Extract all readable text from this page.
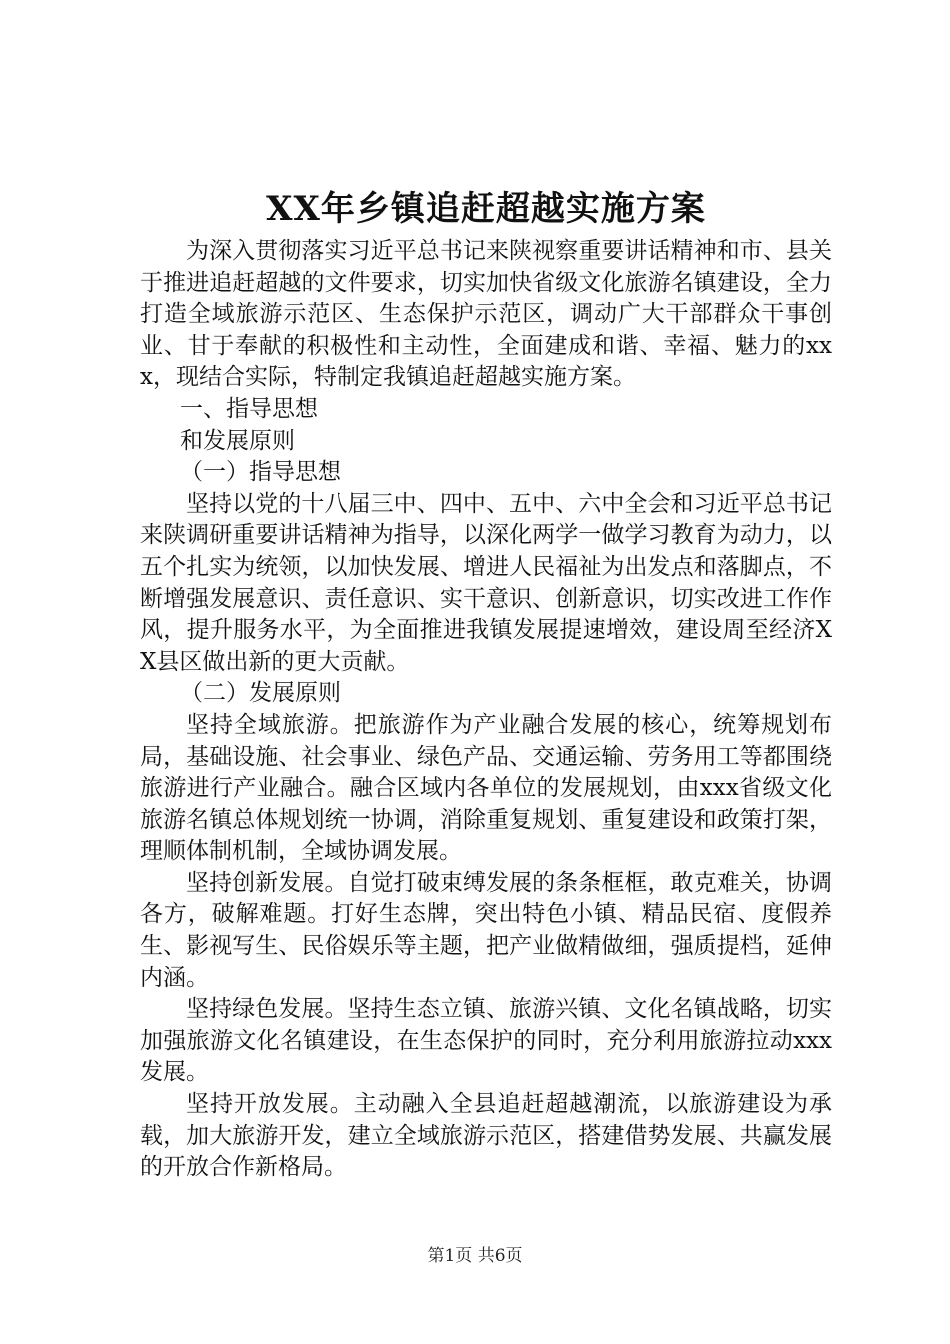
XX年乡镇追赶超越实施方案

为深入贯彻落实习近平总书记来陕视察重要讲话精神和市、县关于推进追赶超越的文件要求，切实加快省级文化旅游名镇建设，全力打造全域旅游示范区、生态保护示范区，调动广大干部群众干事创业、甘于奉献的积极性和主动性，全面建成和谐、幸福、魅力的xxx，现结合实际，特制定我镇追赶超越实施方案。

一、指导思想

和发展原则

（一）指导思想

坚持以党的十八届三中、四中、五中、六中全会和习近平总书记来陕调研重要讲话精神为指导，以深化两学一做学习教育为动力，以五个扎实为统领，以加快发展、增进人民福祉为出发点和落脚点，不断增强发展意识、责任意识、实干意识、创新意识，切实改进工作作风，提升服务水平，为全面推进我镇发展提速增效，建设周至经济XX县区做出新的更大贡献。

（二）发展原则

坚持全域旅游。把旅游作为产业融合发展的核心，统筹规划布局，基础设施、社会事业、绿色产品、交通运输、劳务用工等都围绕旅游进行产业融合。融合区域内各单位的发展规划，由xxx省级文化旅游名镇总体规划统一协调，消除重复规划、重复建设和政策打架，理顺体制机制，全域协调发展。

坚持创新发展。自觉打破束缚发展的条条框框，敢克难关，协调各方，破解难题。打好生态牌，突出特色小镇、精品民宿、度假养生、影视写生、民俗娱乐等主题，把产业做精做细，强质提档，延伸内涵。

坚持绿色发展。坚持生态立镇、旅游兴镇、文化名镇战略，切实加强旅游文化名镇建设，在生态保护的同时，充分利用旅游拉动xxx发展。

坚持开放发展。主动融入全县追赶超越潮流，以旅游建设为承载，加大旅游开发，建立全域旅游示范区，搭建借势发展、共赢发展的开放合作新格局。

第1页 共6页
